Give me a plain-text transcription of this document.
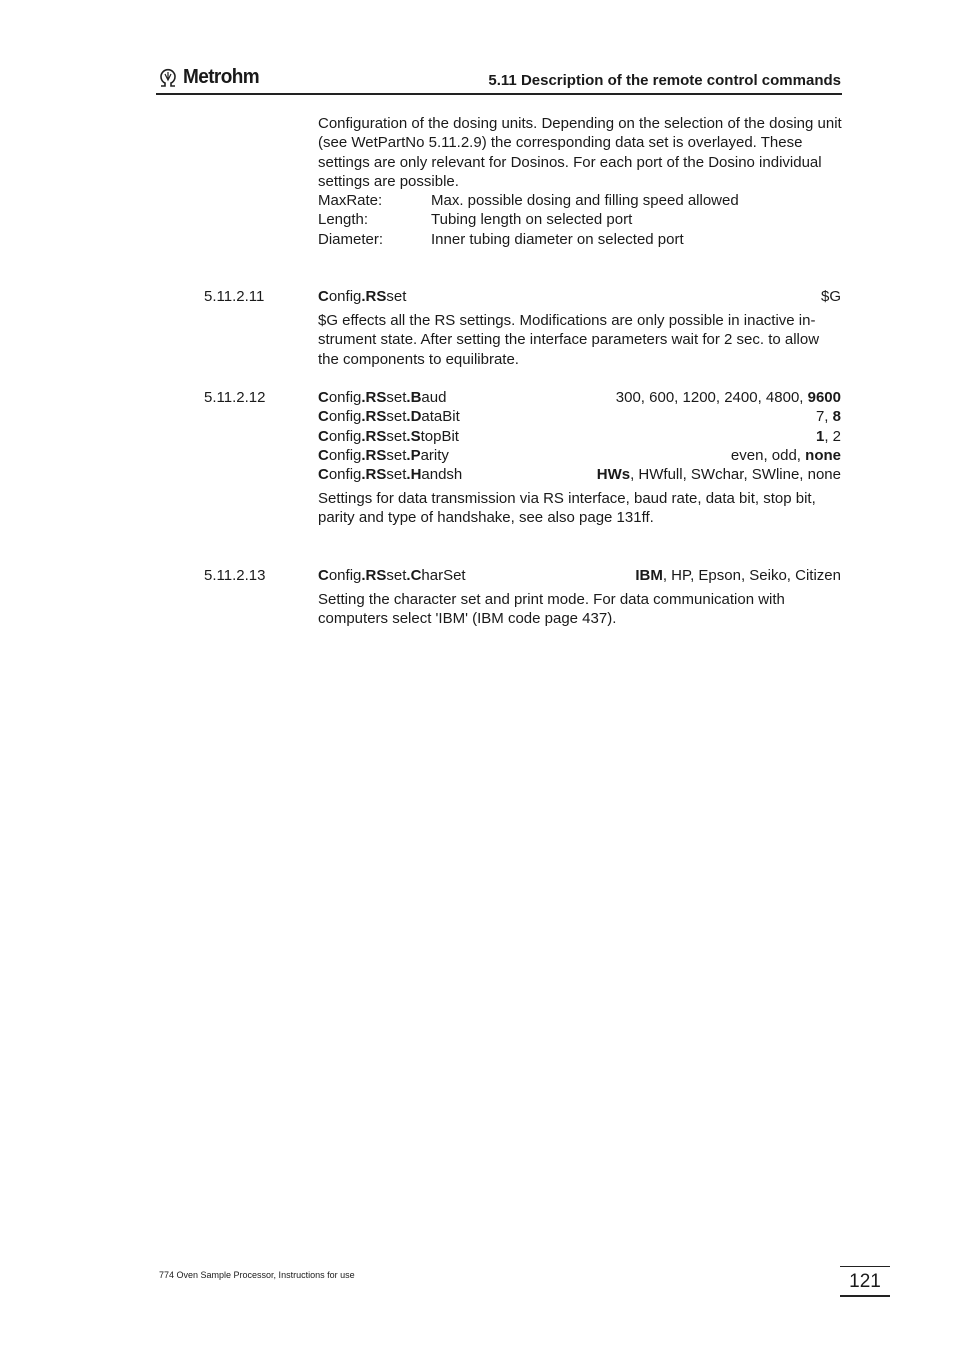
Metrohm	5.11 Description of the remote control commands

Configuration of the dosing units. Depending on the selection of the dosing unit (see WetPartNo 5.11.2.9) the corresponding data set is overlayed. These settings are only relevant for Dosinos. For each port of the Dosino individual settings are possible.

MaxRate:	Max. possible dosing and filling speed allowed
Length:	Tubing length on selected port
Diameter:	Inner tubing diameter on selected port
5.11.2.11	Config.RSset	$G
$G effects all the RS settings. Modifications are only possible in inactive in-strument state. After setting the interface parameters wait for 2 sec. to allow the components to equilibrate.
5.11.2.12	Config.RSset.Baud	300, 600, 1200, 2400, 4800, 9600
Config.RSset.DataBit	7, 8
Config.RSset.StopBit	1, 2
Config.RSset.Parity	even, odd, none
Config.RSset.Handsh	HWs, HWfull, SWchar, SWline, none
Settings for data transmission via RS interface, baud rate, data bit, stop bit, parity and type of handshake, see also page 131ff.
5.11.2.13	Config.RSset.CharSet	IBM, HP, Epson, Seiko, Citizen
Setting the character set and print mode. For data communication with computers select 'IBM' (IBM code page 437).
774 Oven Sample Processor, Instructions for use	121
